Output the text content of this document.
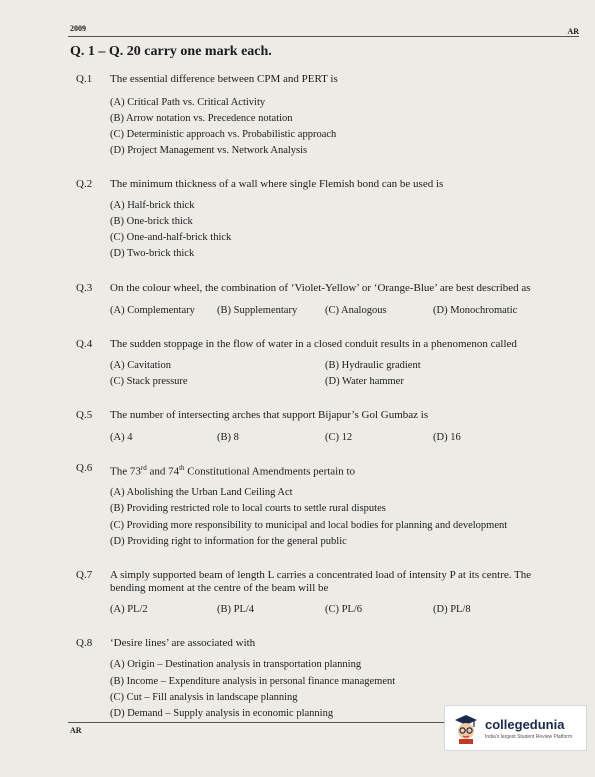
2009	AR
Q. 1 – Q. 20 carry one mark each.
Q.1 The essential difference between CPM and PERT is
(A) Critical Path vs. Critical Activity
(B) Arrow notation vs. Precedence notation
(C) Deterministic approach vs. Probabilistic approach
(D) Project Management vs. Network Analysis
Q.2 The minimum thickness of a wall where single Flemish bond can be used is
(A) Half-brick thick
(B) One-brick thick
(C) One-and-half-brick thick
(D) Two-brick thick
Q.3 On the colour wheel, the combination of ‘Violet-Yellow’ or ‘Orange-Blue’ are best described as
(A) Complementary (B) Supplementary	(C) Analogous	(D) Monochromatic
Q.4 The sudden stoppage in the flow of water in a closed conduit results in a phenomenon called
(A) Cavitation	(B) Hydraulic gradient
(C) Stack pressure	(D) Water hammer
Q.5 The number of intersecting arches that support Bijapur’s Gol Gumbaz is
(A) 4	(B) 8	(C) 12	(D) 16
Q.6 The 73rd and 74th Constitutional Amendments pertain to
(A) Abolishing the Urban Land Ceiling Act
(B) Providing restricted role to local courts to settle rural disputes
(C) Providing more responsibility to municipal and local bodies for planning and development
(D) Providing right to information for the general public
Q.7 A simply supported beam of length L carries a concentrated load of intensity P at its centre. The bending moment at the centre of the beam will be
(A) PL/2	(B) PL/4	(C) PL/6	(D) PL/8
Q.8 ‘Desire lines’ are associated with
(A) Origin – Destination analysis in transportation planning
(B) Income – Expenditure analysis in personal finance management
(C) Cut – Fill analysis in landscape planning
(D) Demand – Supply analysis in economic planning
AR	collegedunia
India's largest Student Review Platform
